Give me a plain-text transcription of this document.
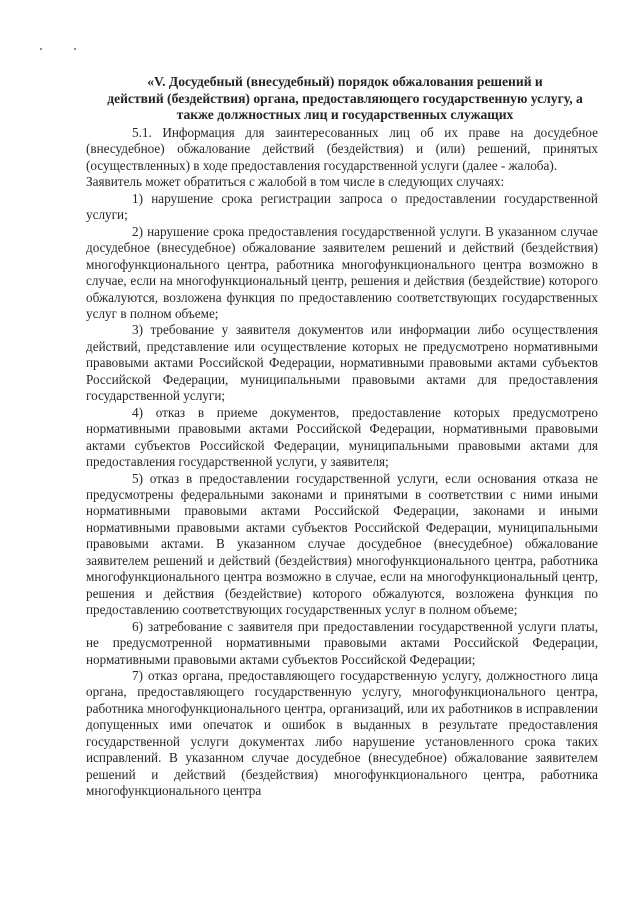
«V. Досудебный (внесудебный) порядок обжалования решений и
действий (бездействия) органа, предоставляющего государственную услугу, а
также должностных лиц и государственных служащих

5.1. Информация для заинтересованных лиц об их праве на досудебное (внесудебное) обжалование действий (бездействия) и (или) решений, принятых (осуществленных) в ходе предоставления государственной услуги (далее - жалоба).

Заявитель может обратиться с жалобой в том числе в следующих случаях:

1) нарушение срока регистрации запроса о предоставлении государственной услуги;

2) нарушение срока предоставления государственной услуги. В указанном случае досудебное (внесудебное) обжалование заявителем решений и действий (бездействия) многофункционального центра, работника многофункционального центра возможно в случае, если на многофункциональный центр, решения и действия (бездействие) которого обжалуются, возложена функция по предоставлению соответствующих государственных услуг в полном объеме;

3) требование у заявителя документов или информации либо осуществления действий, представление или осуществление которых не предусмотрено нормативными правовыми актами Российской Федерации, нормативными правовыми актами субъектов Российской Федерации, муниципальными правовыми актами для предоставления государственной услуги;

4) отказ в приеме документов, предоставление которых предусмотрено нормативными правовыми актами Российской Федерации, нормативными правовыми актами субъектов Российской Федерации, муниципальными правовыми актами для предоставления государственной услуги, у заявителя;

5) отказ в предоставлении государственной услуги, если основания отказа не предусмотрены федеральными законами и принятыми в соответствии с ними иными нормативными правовыми актами Российской Федерации, законами и иными нормативными правовыми актами субъектов Российской Федерации, муниципальными правовыми актами. В указанном случае досудебное (внесудебное) обжалование заявителем решений и действий (бездействия) многофункционального центра, работника многофункционального центра возможно в случае, если на многофункциональный центр, решения и действия (бездействие) которого обжалуются, возложена функция по предоставлению соответствующих государственных услуг в полном объеме;

6) затребование с заявителя при предоставлении государственной услуги платы, не предусмотренной нормативными правовыми актами Российской Федерации, нормативными правовыми актами субъектов Российской Федерации;

7) отказ органа, предоставляющего государственную услугу, должностного лица органа, предоставляющего государственную услугу, многофункционального центра, работника многофункционального центра, организаций, или их работников в исправлении допущенных ими опечаток и ошибок в выданных в результате предоставления государственной услуги документах либо нарушение установленного срока таких исправлений. В указанном случае досудебное (внесудебное) обжалование заявителем решений и действий (бездействия) многофункционального центра, работника многофункционального центра
